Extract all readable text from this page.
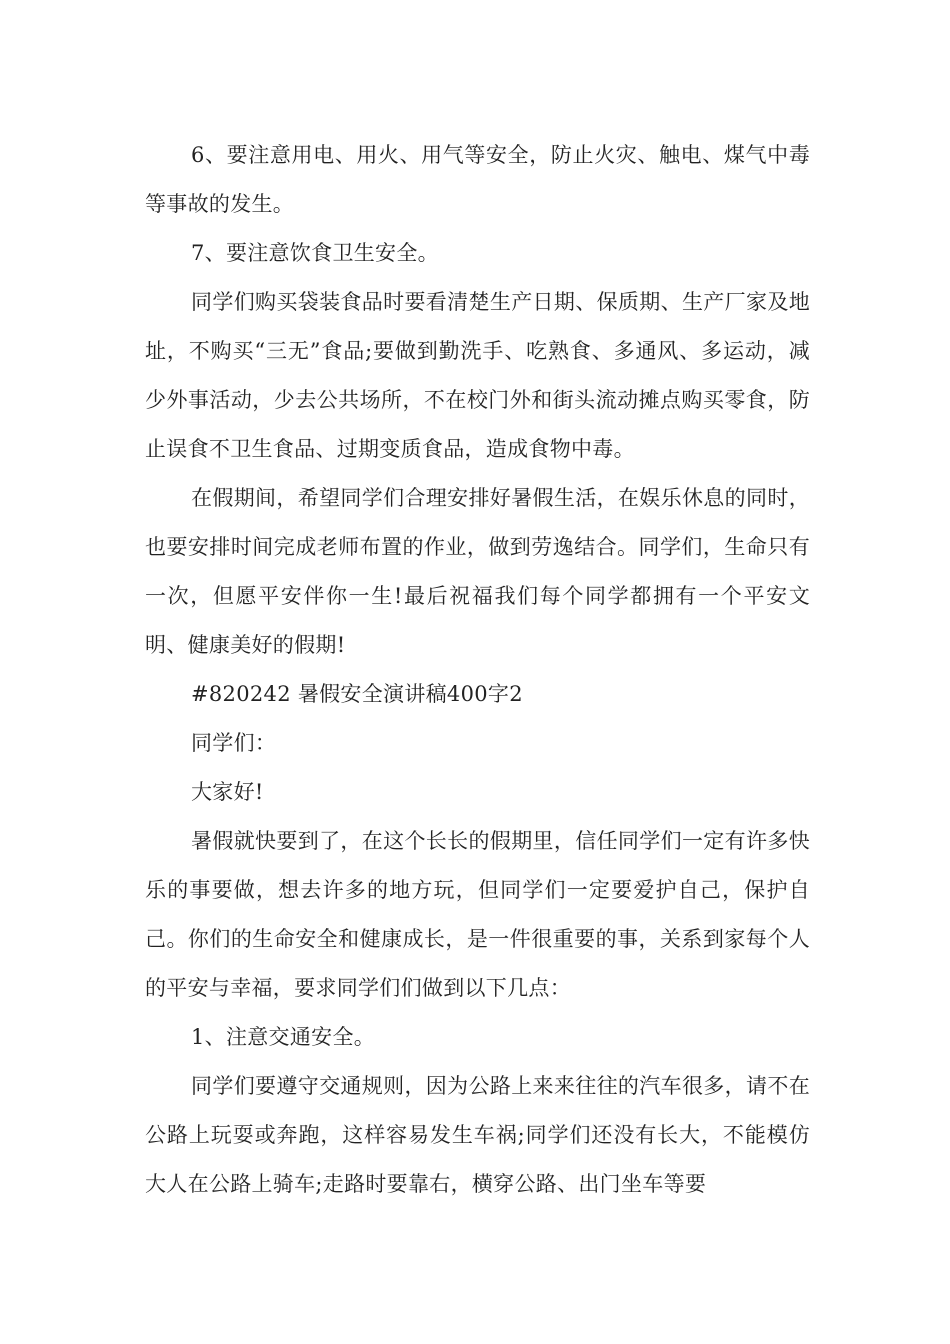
6、要注意用电、用火、用气等安全，防止火灾、触电、煤气中毒等事故的发生。

7、要注意饮食卫生安全。

同学们购买袋装食品时要看清楚生产日期、保质期、生产厂家及地址，不购买“三无”食品;要做到勤洗手、吃熟食、多通风、多运动，减少外事活动，少去公共场所，不在校门外和街头流动摊点购买零食，防止误食不卫生食品、过期变质食品，造成食物中毒。

在假期间，希望同学们合理安排好暑假生活，在娱乐休息的同时，也要安排时间完成老师布置的作业，做到劳逸结合。同学们，生命只有一次，但愿平安伴你一生!最后祝福我们每个同学都拥有一个平安文明、健康美好的假期!

#820242 暑假安全演讲稿400字2

同学们：

大家好!

暑假就快要到了，在这个长长的假期里，信任同学们一定有许多快乐的事要做，想去许多的地方玩，但同学们一定要爱护自己，保护自己。你们的生命安全和健康成长，是一件很重要的事，关系到家每个人的平安与幸福，要求同学们们做到以下几点：

1、注意交通安全。

同学们要遵守交通规则，因为公路上来来往往的汽车很多，请不在公路上玩耍或奔跑，这样容易发生车祸;同学们还没有长大，不能模仿大人在公路上骑车;走路时要靠右，横穿公路、出门坐车等要
